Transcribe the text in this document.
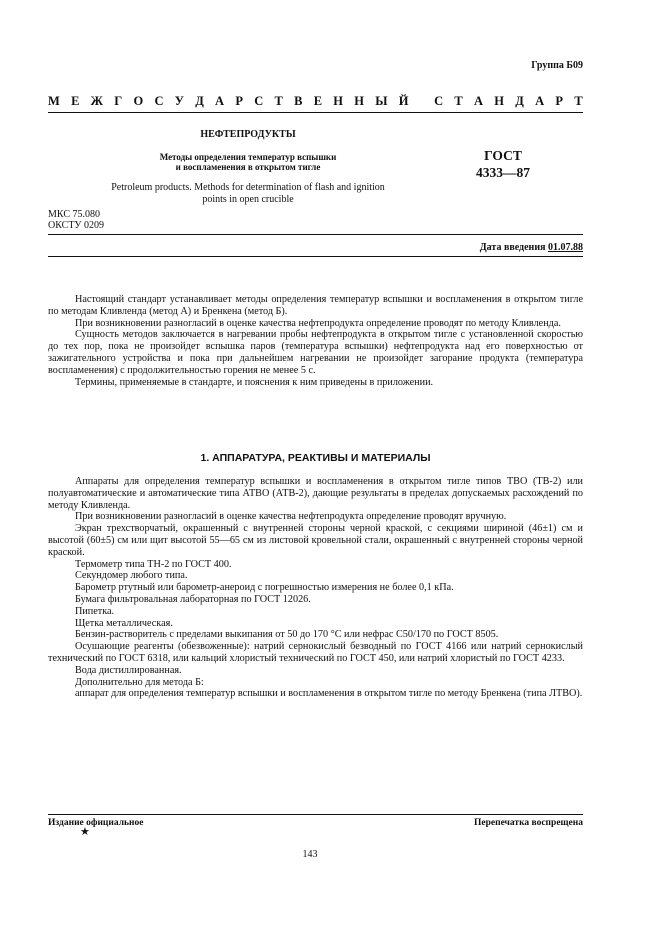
Группа Б09
М Е Ж Г О С У Д А Р С Т В Е Н Н Ы Й
С Т А Н Д А Р Т
НЕФТЕПРОДУКТЫ
Методы определения температур вспышки
и воспламенения в открытом тигле
Petroleum products. Methods for determination of flash and ignition
points in open crucible
ГОСТ
4333—87
МКС 75.080
ОКСТУ 0209
Дата введения 01.07.88

Настоящий стандарт устанавливает методы определения температур вспышки и воспламенения в открытом тигле по методам Кливленда (метод А) и Бренкена (метод Б).

При возникновении разногласий в оценке качества нефтепродукта определение проводят по методу Кливленда.

Сущность методов заключается в нагревании пробы нефтепродукта в открытом тигле с установленной скоростью до тех пор, пока не произойдет вспышка паров (температура вспышки) нефтепродукта над его поверхностью от зажигательного устройства и пока при дальнейшем нагревании не произойдет загорание продукта (температура воспламенения) с продолжительностью горения не менее 5 с.

Термины, применяемые в стандарте, и пояснения к ним приведены в приложении.

1. АППАРАТУРА, РЕАКТИВЫ И МАТЕРИАЛЫ

Аппараты для определения температур вспышки и воспламенения в открытом тигле типов ТВО (ТВ-2) или полуавтоматические и автоматические типа АТВО (АТВ-2), дающие результаты в пределах допускаемых расхождений по методу Кливленда.

При возникновении разногласий в оценке качества нефтепродукта определение проводят вручную.

Экран трехстворчатый, окрашенный с внутренней стороны черной краской, с секциями шириной (46±1) см и высотой (60±5) см или щит высотой 55—65 см из листовой кровельной стали, окрашенный с внутренней стороны черной краской.

Термометр типа ТН-2 по ГОСТ 400.

Секундомер любого типа.

Барометр ртутный или барометр-анероид с погрешностью измерения не более 0,1 кПа.

Бумага фильтровальная лабораторная по ГОСТ 12026.

Пипетка.

Щетка металлическая.

Бензин-растворитель с пределами выкипания от 50 до 170 °С или нефрас С50/170 по ГОСТ 8505.

Осушающие реагенты (обезвоженные): натрий сернокислый безводный по ГОСТ 4166 или натрий сернокислый технический по ГОСТ 6318, или кальций хлористый технический по ГОСТ 450, или натрий хлористый по ГОСТ 4233.

Вода дистиллированная.

Дополнительно для метода Б:

аппарат для определения температур вспышки и воспламенения в открытом тигле по методу Бренкена (типа ЛТВО).

Издание официальное	Перепечатка воспрещена
★
143
